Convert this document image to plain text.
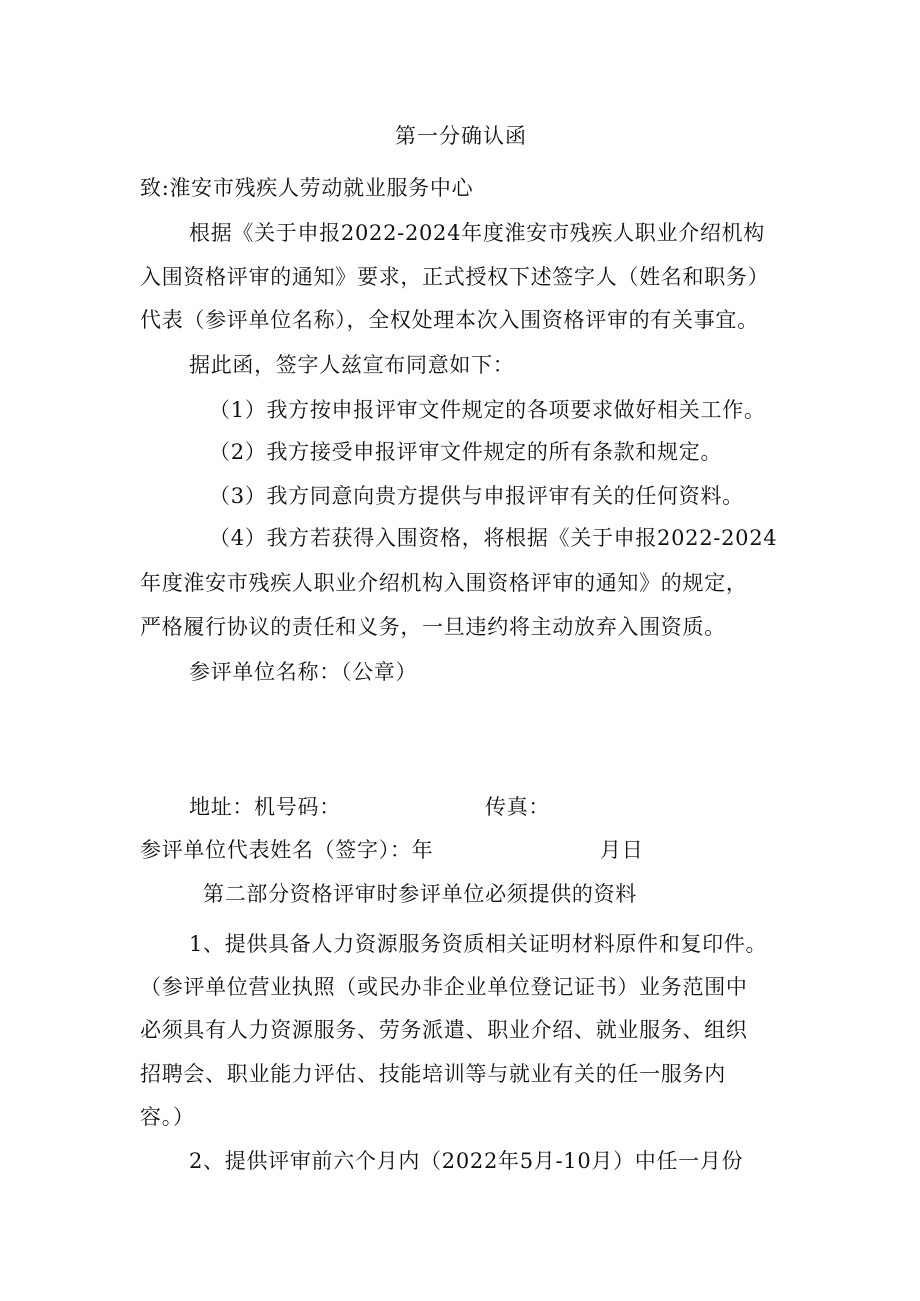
第一分确认函
致:淮安市残疾人劳动就业服务中心
根据《关于申报2022-2024年度淮安市残疾人职业介绍机构
入围资格评审的通知》要求，正式授权下述签字人（姓名和职务）
代表（参评单位名称），全权处理本次入围资格评审的有关事宜。
据此函，签字人兹宣布同意如下：
（1）我方按申报评审文件规定的各项要求做好相关工作。
（2）我方接受申报评审文件规定的所有条款和规定。
（3）我方同意向贵方提供与申报评审有关的任何资料。
（4）我方若获得入围资格，将根据《关于申报2022-2024
年度淮安市残疾人职业介绍机构入围资格评审的通知》的规定，
严格履行协议的责任和义务，一旦违约将主动放弃入围资质。
参评单位名称：（公章）
地址：机号码：	传真：
参评单位代表姓名（签字）：年	月日
第二部分资格评审时参评单位必须提供的资料
1、提供具备人力资源服务资质相关证明材料原件和复印件。
（参评单位营业执照（或民办非企业单位登记证书）业务范围中
必须具有人力资源服务、劳务派遣、职业介绍、就业服务、组织
招聘会、职业能力评估、技能培训等与就业有关的任一服务内
容。）
2、提供评审前六个月内（2022年5月-10月）中任一月份
